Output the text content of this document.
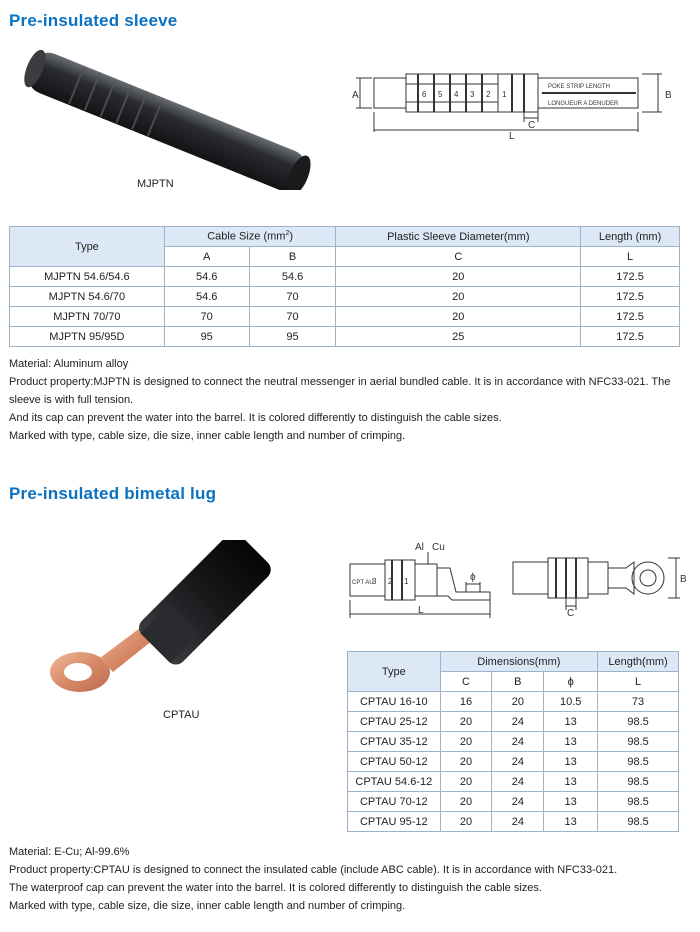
Pre-insulated sleeve
MJPTN
A	B
C
L
6 5 4 3 2 1
POKE STRIP LENGTH
LONGUEUR A DENUDER
Type	Cable Size $(mm^2)$		Plastic Sleeve Diameter(mm)	Length (mm)
	A	B	C	L
MJPTN 54.6/54.6	54.6	54.6	20	172.5
MJPTN 54.6/70	54.6	70	20	172.5
MJPTN 70/70	70	70	20	172.5
MJPTN 95/95D	95	95	25	172.5

Material: Aluminum alloy

Product property:MJPTN is designed to connect the neutral messenger in aerial bundled cable. It is in accordance with NFC33-021. The

sleeve is with full tension.

And its cap can prevent the water into the barrel. It is colored differently to distinguish the cable sizes.

Marked with type, cable size, die size, inner cable length and number of crimping.

Pre-insulated bimetal lug
CPTAU
Al Cu
ϕ
L
3 2 1
CPT AU	B
C
Type	Dimensions(mm)			Length(mm)
	C	B	ϕ	L
CPTAU 16-10	16	20	10.5	73
CPTAU 25-12	20	24	13	98.5
CPTAU 35-12	20	24	13	98.5
CPTAU 50-12	20	24	13	98.5
CPTAU 54.6-12	20	24	13	98.5
CPTAU 70-12	20	24	13	98.5
CPTAU 95-12	20	24	13	98.5

Material: E-Cu; Al-99.6%

Product property:CPTAU is designed to connect the insulated cable (include ABC cable). It is in accordance with NFC33-021.

The waterproof cap can prevent the water into the barrel. It is colored differently to distinguish the cable sizes.

Marked with type, cable size, die size, inner cable length and number of crimping.
